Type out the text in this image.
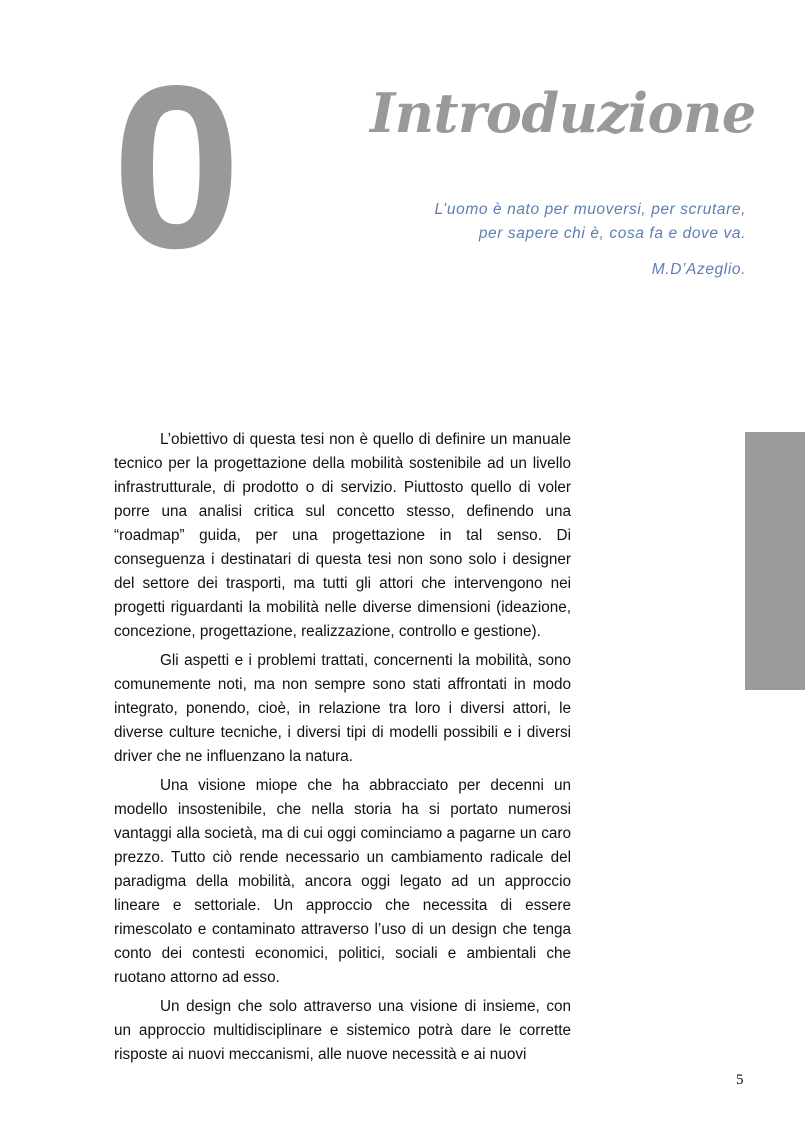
0 Introduzione
L’uomo è nato per muoversi, per scrutare,
per sapere chi è, cosa fa e dove va.
M.D’Azeglio.

L’obiettivo di questa tesi non è quello di definire un manuale tecnico per la progettazione della mobilità sostenibile ad un livello infrastrutturale, di prodotto o di servizio. Piuttosto quello di voler porre una analisi critica sul concetto stesso, definendo una “roadmap” guida, per una progettazione in tal senso. Di conseguenza i destinatari di questa tesi non sono solo i designer del settore dei trasporti, ma tutti gli attori che intervengono nei progetti riguardanti la mobilità nelle diverse dimensioni (ideazione, concezione, progettazione, realizzazione, controllo e gestione).

Gli aspetti e i problemi trattati, concernenti la mobilità, sono comunemente noti, ma non sempre sono stati affrontati in modo integrato, ponendo, cioè, in relazione tra loro i diversi attori, le diverse culture tecniche, i diversi tipi di modelli possibili e i diversi driver che ne influenzano la natura.

Una visione miope che ha abbracciato per decenni un modello insostenibile, che nella storia ha si portato numerosi vantaggi alla società, ma di cui oggi cominciamo a pagarne un caro prezzo. Tutto ciò rende necessario un cambiamento radicale del paradigma della mobilità, ancora oggi legato ad un approccio lineare e settoriale. Un approccio che necessita di essere rimescolato e contaminato attraverso l’uso di un design che tenga conto dei contesti economici, politici, sociali e ambientali che ruotano attorno ad esso.

Un design che solo attraverso una visione di insieme, con un approccio multidisciplinare e sistemico potrà dare le corrette risposte ai nuovi meccanismi, alle nuove necessità e ai nuovi

5
